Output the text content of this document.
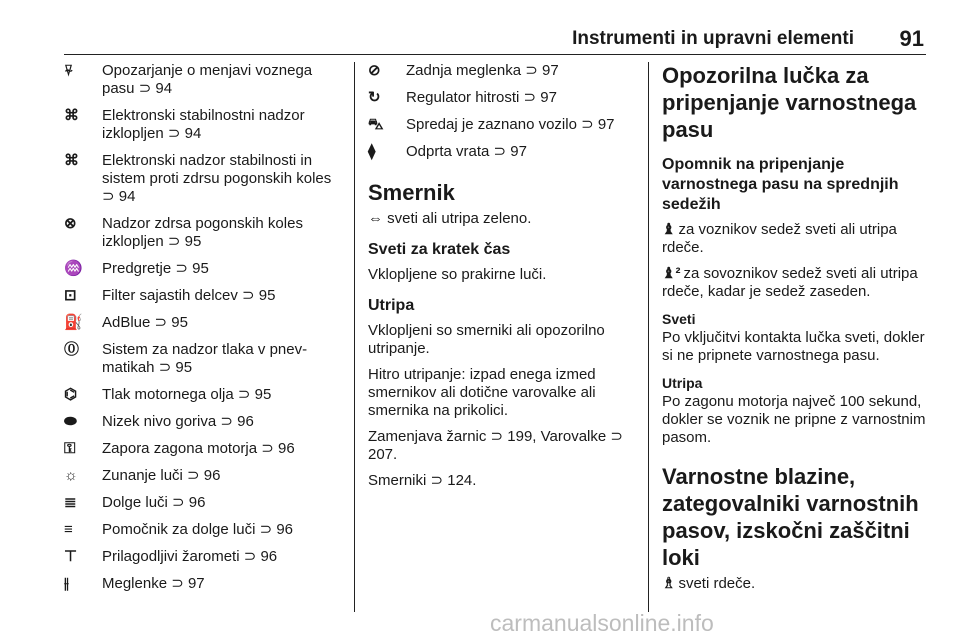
Instrumenti in upravni elementi 91
⍫	Opozarjanje o menjavi voznega pasu ⊃ 94
⌘	Elektronski stabilnostni nadzor izklopljen ⊃ 94
⌘	Elektronski nadzor stabilnosti in sistem proti zdrsu pogonskih koles ⊃ 94
⊗	Nadzor zdrsa pogonskih koles izklopljen ⊃ 95
♒ Predgretje ⊃ 95
⊡	Filter sajastih delcev ⊃ 95
⛽ AdBlue ⊃ 95
⓪	Sistem za nadzor tlaka v pnev-matikah ⊃ 95
⌬	Tlak motornega olja ⊃ 95
⬬	Nizek nivo goriva ⊃ 96
⚿	Zapora zagona motorja ⊃ 96
☼	Zunanje luči ⊃ 96
≣	Dolge luči ⊃ 96
≡	Pomočnik za dolge luči ⊃ 96
⊤	Prilagodljivi žarometi ⊃ 96
⫲	Meglenke ⊃ 97
⊘	Zadnja meglenka ⊃ 97
↻	Regulator hitrosti ⊃ 97
⛍	Spredaj je zaznano vozilo ⊃ 97
⧫	Odprta vrata ⊃ 97
Smernik

⇔ sveti ali utripa zeleno.

Sveti za kratek čas

Vklopljene so prakirne luči.

Utripa

Vklopljeni so smerniki ali opozorilno utripanje.

Hitro utripanje: izpad enega izmed smernikov ali dotične varovalke ali smernika na prikolici.

Zamenjava žarnic ⊃ 199, Varovalke ⊃ 207.

Smerniki ⊃ 124.

Opozorilna lučka za pripenjanje varnostnega pasu
Opomnik na pripenjanje varnostnega pasu na sprednjih sedežih

♝ za voznikov sedež sveti ali utripa rdeče.

♝² za sovoznikov sedež sveti ali utripa rdeče, kadar je sedež zaseden.

Sveti

Po vključitvi kontakta lučka sveti, dokler si ne pripnete varnostnega pasu.

Utripa

Po zagonu motorja največ 100 sekund, dokler se voznik ne pripne z varnostnim pasom.

Varnostne blazine, zategovalniki varnostnih pasov, izskočni zaščitni loki

♗ sveti rdeče.

carmanualsonline.info
